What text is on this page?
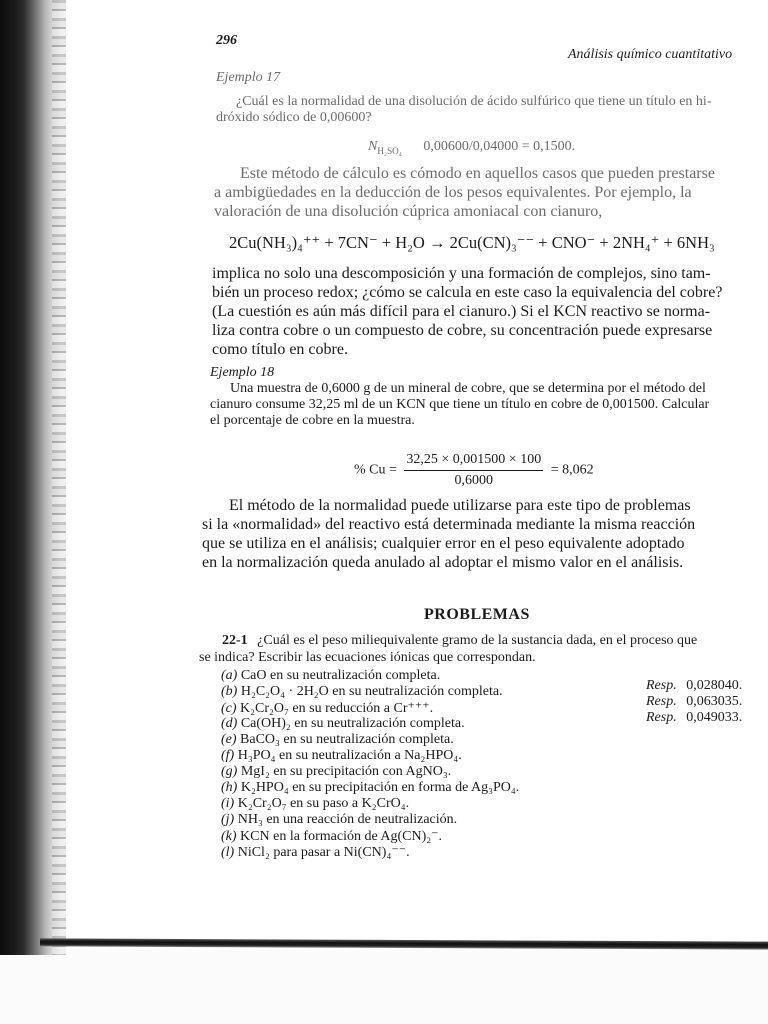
296
Análisis químico cuantitativo
Ejemplo 17
¿Cuál es la normalidad de una disolución de ácido sulfúrico que tiene un título en hi-
dróxido sódico de 0,00600?
$N_{H_2SO_4}$ 0,00600/0,04000 = 0,1500.
Este método de cálculo es cómodo en aquellos casos que pueden prestarse
a ambigüedades en la deducción de los pesos equivalentes. Por ejemplo, la
valoración de una disolución cúprica amoniacal con cianuro,
2Cu(NH₃)₄⁺⁺ + 7CN⁻ + H₂O → 2Cu(CN)₃⁻⁻ + CNO⁻ + 2NH₄⁺ + 6NH₃
implica no solo una descomposición y una formación de complejos, sino tam-
bién un proceso redox; ¿cómo se calcula en este caso la equivalencia del cobre?
(La cuestión es aún más difícil para el cianuro.) Si el KCN reactivo se norma-
liza contra cobre o un compuesto de cobre, su concentración puede expresarse
como título en cobre.
Ejemplo 18
Una muestra de 0,6000 g de un mineral de cobre, que se determina por el método del
cianuro consume 32,25 ml de un KCN que tiene un título en cobre de 0,001500. Calcular
el porcentaje de cobre en la muestra.
% $Cu = \frac{32,25 \times 0,001500 \times 100}{0,6000} = 8,062$
El método de la normalidad puede utilizarse para este tipo de problemas
si la «normalidad» del reactivo está determinada mediante la misma reacción
que se utiliza en el análisis; cualquier error en el peso equivalente adoptado
en la normalización queda anulado al adoptar el mismo valor en el análisis.
PROBLEMAS
22-1 ¿Cuál es el peso miliequivalente gramo de la sustancia dada, en el proceso que
se indica? Escribir las ecuaciones iónicas que correspondan.
(a) CaO en su neutralización completa.
(b) H₂C₂O₄ · 2H₂O en su neutralización completa.
(c) K₂Cr₂O₇ en su reducción a Cr⁺⁺⁺.
(d) Ca(OH)₂ en su neutralización completa.
(e) BaCO₃ en su neutralización completa.
(f) H₃PO₄ en su neutralización a Na₂HPO₄.
(g) MgI₂ en su precipitación con AgNO₃.
(h) K₂HPO₄ en su precipitación en forma de Ag₃PO₄.
(i) K₂Cr₂O₇ en su paso a K₂CrO₄.
(j) NH₃ en una reacción de neutralización.
(k) KCN en la formación de Ag(CN)₂⁻.
(l) NiCl₂ para pasar a Ni(CN)₄⁻⁻.
Resp. 0,028040.
Resp. 0,063035.
Resp. 0,049033.
